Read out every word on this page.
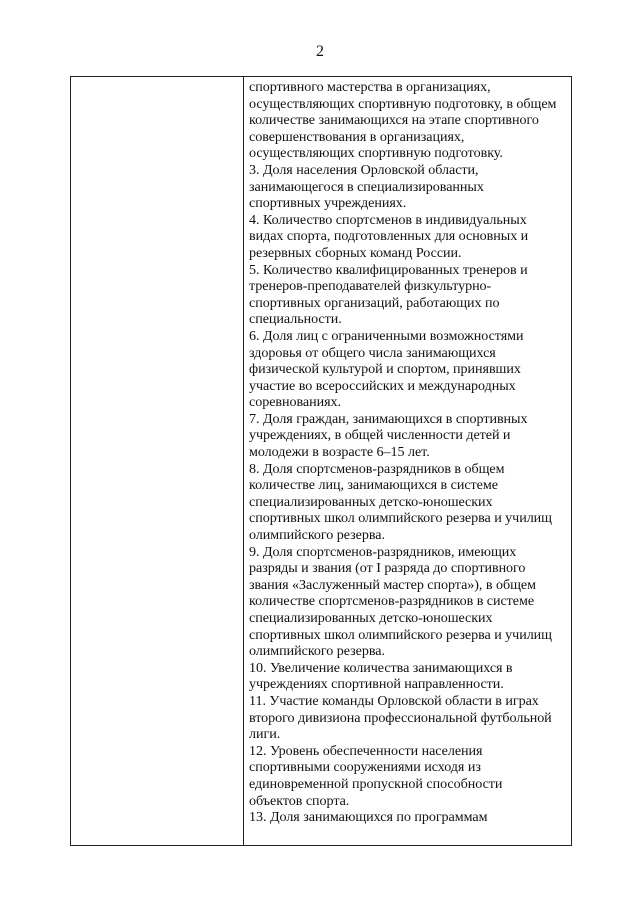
2

спортивного мастерства в организациях,
осуществляющих спортивную подготовку, в общем
количестве занимающихся на этапе спортивного
совершенствования в организациях,
осуществляющих спортивную подготовку.
3. Доля населения Орловской области,
занимающегося в специализированных
спортивных учреждениях.
4. Количество спортсменов в индивидуальных
видах спорта, подготовленных для основных и
резервных сборных команд России.
5. Количество квалифицированных тренеров и
тренеров-преподавателей физкультурно-
спортивных организаций, работающих по
специальности.
6. Доля лиц с ограниченными возможностями
здоровья от общего числа занимающихся
физической культурой и спортом, принявших
участие во всероссийских и международных
соревнованиях.
7. Доля граждан, занимающихся в спортивных
учреждениях, в общей численности детей и
молодежи в возрасте 6–15 лет.
8. Доля спортсменов-разрядников в общем
количестве лиц, занимающихся в системе
специализированных детско-юношеских
спортивных школ олимпийского резерва и училищ
олимпийского резерва.
9. Доля спортсменов-разрядников, имеющих
разряды и звания (от I разряда до спортивного
звания «Заслуженный мастер спорта»), в общем
количестве спортсменов-разрядников в системе
специализированных детско-юношеских
спортивных школ олимпийского резерва и училищ
олимпийского резерва.
10. Увеличение количества занимающихся в
учреждениях спортивной направленности.
11. Участие команды Орловской области в играх
второго дивизиона профессиональной футбольной
лиги.
12. Уровень обеспеченности населения
спортивными сооружениями исходя из
единовременной пропускной способности
объектов спорта.
13. Доля занимающихся по программам
